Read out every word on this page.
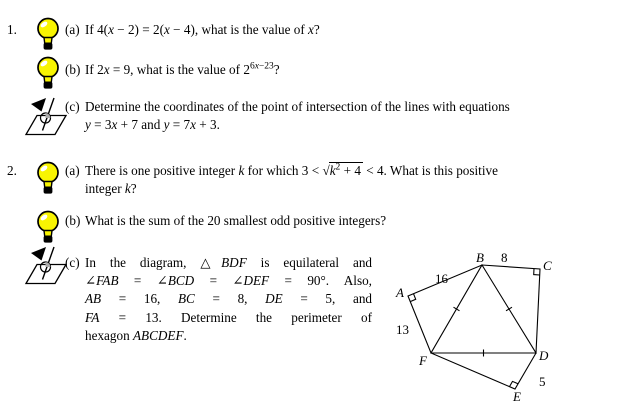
1.
2.
(a) If 4(x − 2) = 2(x − 4), what is the value of x?
(b) If 2x = 9, what is the value of $2^{6x-23}$?
(c) Determine the coordinates of the point of intersection of the lines with equations
y = 3x + 7 and y = 7x + 3.
(a) There is one positive integer k for which $3 < √k^2 + 4 < 4$. What is this positive
integer k?
(b) What is the sum of the 20 smallest odd positive integers?
(c) In the diagram, △BDF is equilateral and
∠FAB = ∠BCD = ∠DEF = 90°. Also,
AB = 16, BC = 8, DE = 5, and
FA = 13. Determine the perimeter of
hexagon ABCDEF.
A
B
C
D
E
F
16
8
13
5
